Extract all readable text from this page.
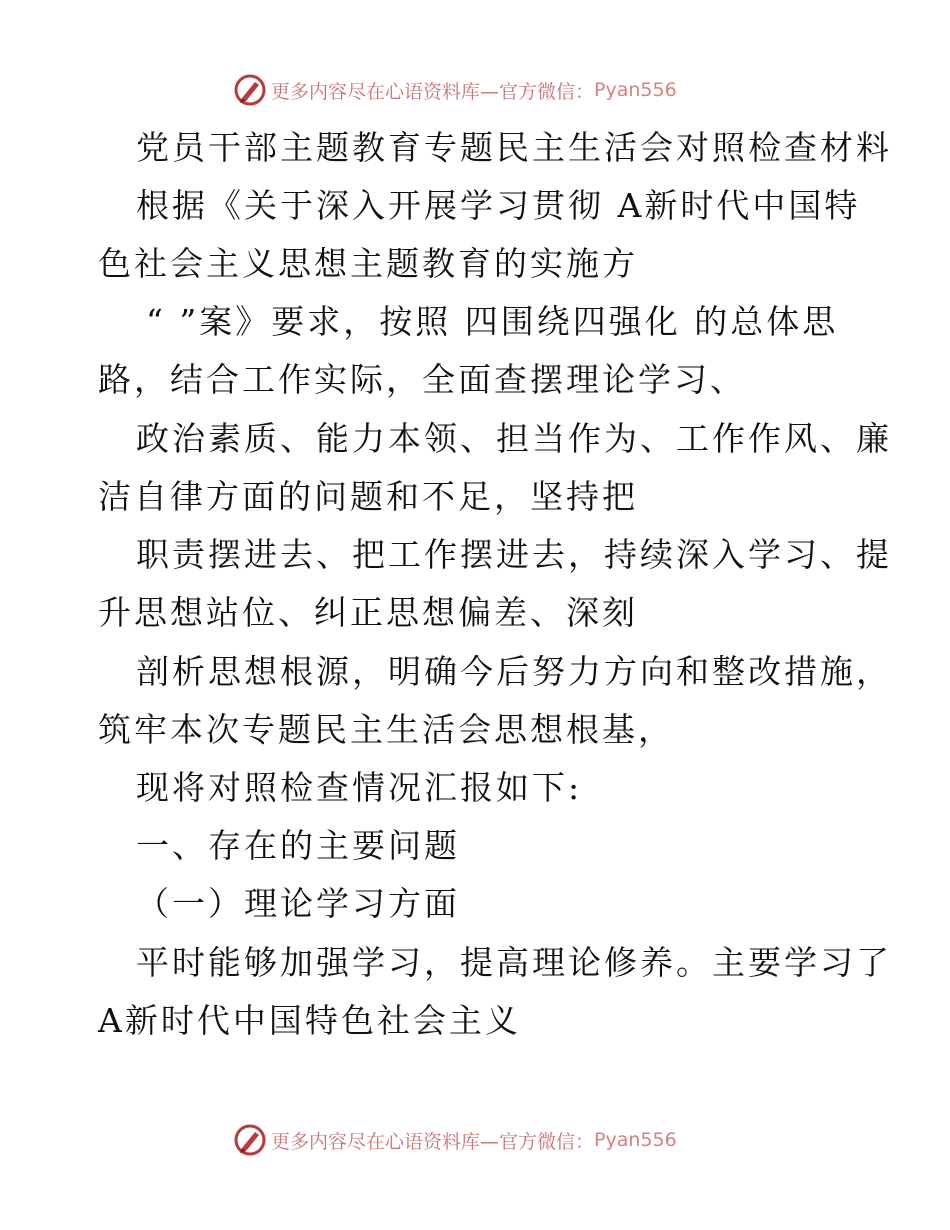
更多内容尽在心语资料库—官方微信： Pyan556
党员干部主题教育专题民主生活会对照检查材料
根据《关于深入开展学习贯彻 A新时代中国特
色社会主义思想主题教育的实施方
“ ”案》要求，按照 四围绕四强化 的总体思
路，结合工作实际，全面查摆理论学习、
政治素质、能力本领、担当作为、工作作风、廉
洁自律方面的问题和不足，坚持把
职责摆进去、把工作摆进去，持续深入学习、提
升思想站位、纠正思想偏差、深刻
剖析思想根源，明确今后努力方向和整改措施，
筑牢本次专题民主生活会思想根基，
现将对照检查情况汇报如下:
一、存在的主要问题
（一）理论学习方面
平时能够加强学习，提高理论修养。主要学习了
A新时代中国特色社会主义
更多内容尽在心语资料库—官方微信： Pyan556
